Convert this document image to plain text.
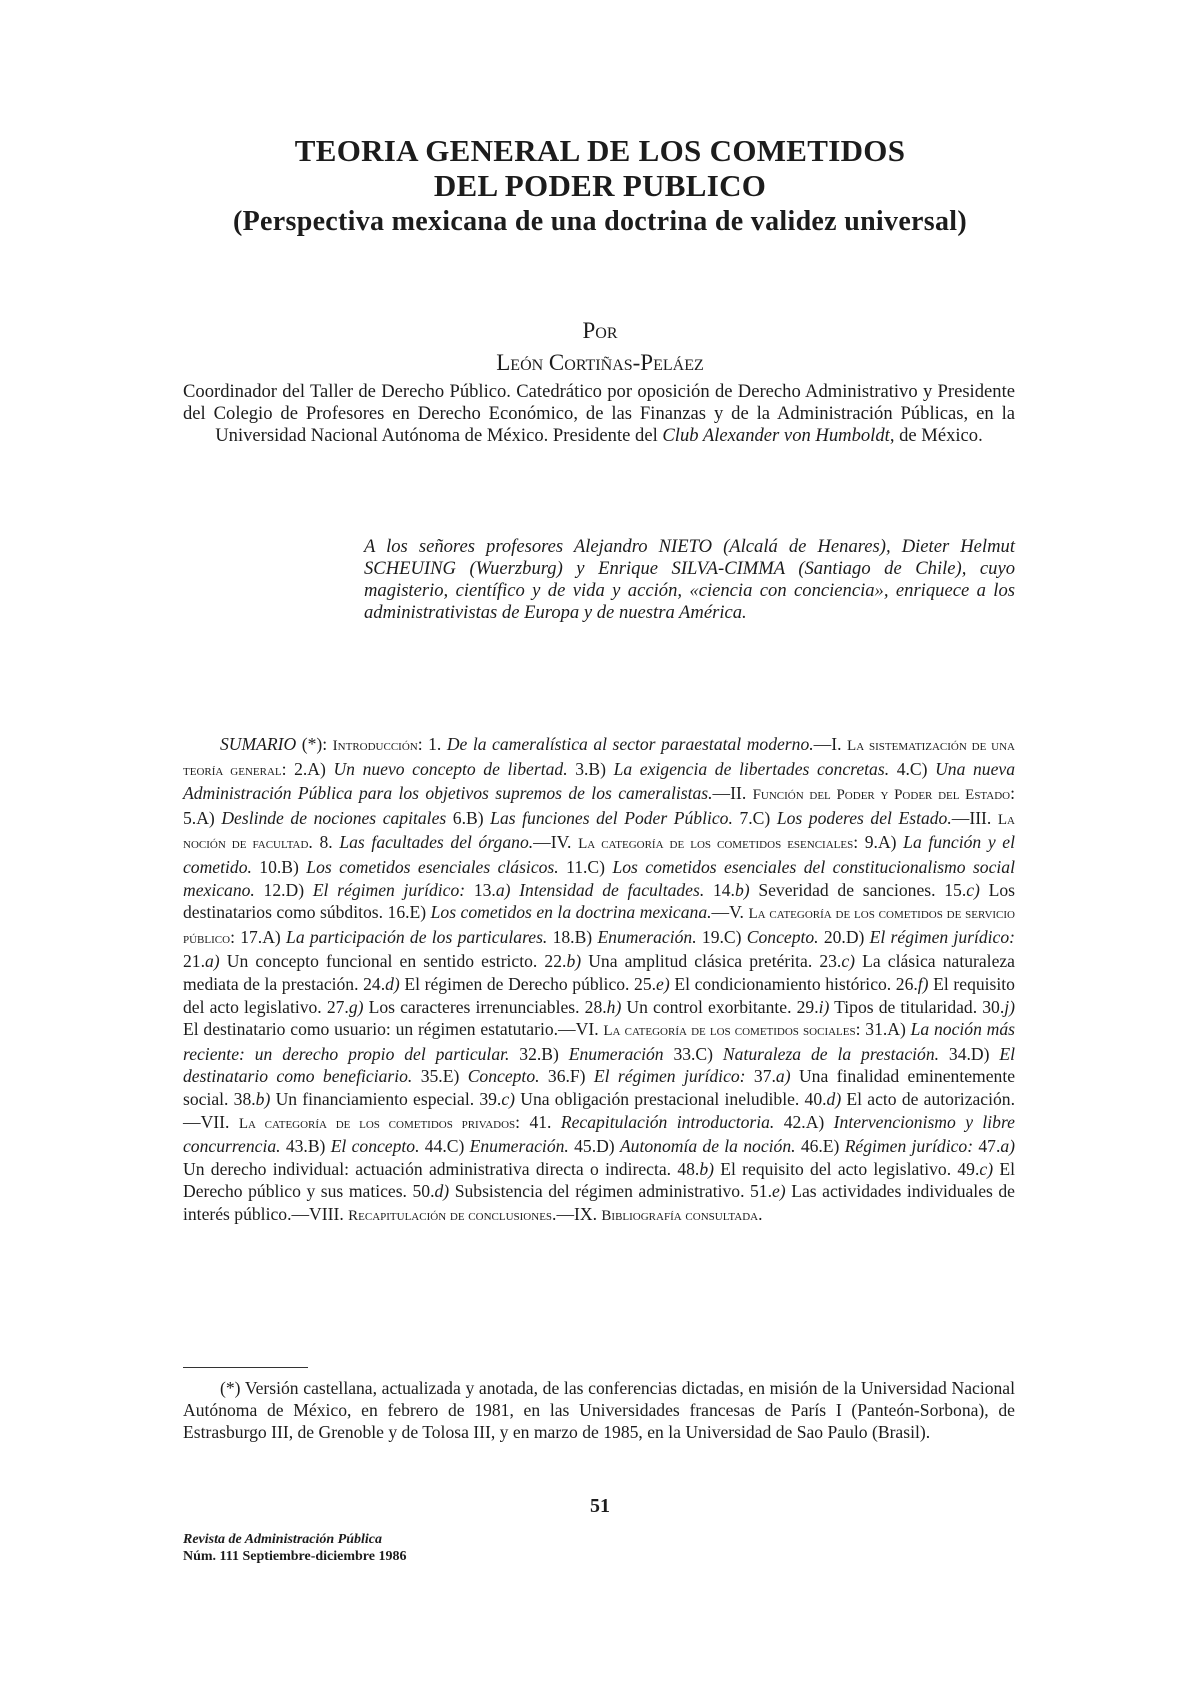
TEORIA GENERAL DE LOS COMETIDOS
DEL PODER PUBLICO
(Perspectiva mexicana de una doctrina de validez universal)
Por
León Cortiñas-Peláez
Coordinador del Taller de Derecho Público. Catedrático por oposición de Derecho Administrativo y Presidente del Colegio de Profesores en Derecho Económico, de las Finanzas y de la Administración Públicas, en la Universidad Nacional Autónoma de México. Presidente del Club Alexander von Humboldt, de México.
A los señores profesores Alejandro NIETO (Alcalá de Henares), Dieter Helmut SCHEUING (Wuerzburg) y Enrique SILVA-CIMMA (Santiago de Chile), cuyo magisterio, científico y de vida y acción, «ciencia con conciencia», enriquece a los administrativistas de Europa y de nuestra América.
SUMARIO (*): Introducción: 1. De la cameralística al sector paraestatal moderno.—I. La sistematización de una teoría general: 2.A) Un nuevo concepto de libertad. 3.B) La exigencia de libertades concretas. 4.C) Una nueva Administración Pública para los objetivos supremos de los cameralistas.—II. Función del Poder y Poder del Estado: 5.A) Deslinde de nociones capitales 6.B) Las funciones del Poder Público. 7.C) Los poderes del Estado.—III. La noción de facultad. 8. Las facultades del órgano.—IV. La categoría de los cometidos esenciales: 9.A) La función y el cometido. 10.B) Los cometidos esenciales clásicos. 11.C) Los cometidos esenciales del constitucionalismo social mexicano. 12.D) El régimen jurídico: 13.a) Intensidad de facultades. 14.b) Severidad de sanciones. 15.c) Los destinatarios como súbditos. 16.E) Los cometidos en la doctrina mexicana.—V. La categoría de los cometidos de servicio público: 17.A) La participación de los particulares. 18.B) Enumeración. 19.C) Concepto. 20.D) El régimen jurídico: 21.a) Un concepto funcional en sentido estricto. 22.b) Una amplitud clásica pretérita. 23.c) La clásica naturaleza mediata de la prestación. 24.d) El régimen de Derecho público. 25.e) El condicionamiento histórico. 26.f) El requisito del acto legislativo. 27.g) Los caracteres irrenunciables. 28.h) Un control exorbitante. 29.i) Tipos de titularidad. 30.j) El destinatario como usuario: un régimen estatutario.—VI. La categoría de los cometidos sociales: 31.A) La noción más reciente: un derecho propio del particular. 32.B) Enumeración 33.C) Naturaleza de la prestación. 34.D) El destinatario como beneficiario. 35.E) Concepto. 36.F) El régimen jurídico: 37.a) Una finalidad eminentemente social. 38.b) Un financiamiento especial. 39.c) Una obligación prestacional ineludible. 40.d) El acto de autorización.—VII. La categoría de los cometidos privados: 41. Recapitulación introductoria. 42.A) Intervencionismo y libre concurrencia. 43.B) El concepto. 44.C) Enumeración. 45.D) Autonomía de la noción. 46.E) Régimen jurídico: 47.a) Un derecho individual: actuación administrativa directa o indirecta. 48.b) El requisito del acto legislativo. 49.c) El Derecho público y sus matices. 50.d) Subsistencia del régimen administrativo. 51.e) Las actividades individuales de interés público.—VIII. Recapitulación de conclusiones.—IX. Bibliografía consultada.
(*) Versión castellana, actualizada y anotada, de las conferencias dictadas, en misión de la Universidad Nacional Autónoma de México, en febrero de 1981, en las Universidades francesas de París I (Panteón-Sorbona), de Estrasburgo III, de Grenoble y de Tolosa III, y en marzo de 1985, en la Universidad de Sao Paulo (Brasil).
51
Revista de Administración Pública
Núm. 111 Septiembre-diciembre 1986
